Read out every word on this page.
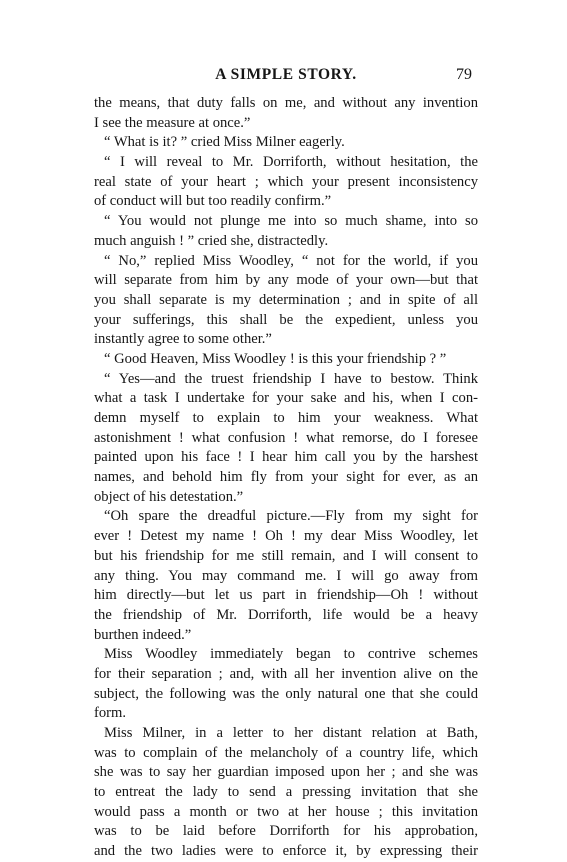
A SIMPLE STORY.	79
the means, that duty falls on me, and without any invention
I see the measure at once.”
“ What is it? ” cried Miss Milner eagerly.
“ I will reveal to Mr. Dorriforth, without hesitation, the
real state of your heart ; which your present inconsistency
of conduct will but too readily confirm.”
“ You would not plunge me into so much shame, into so
much anguish ! ” cried she, distractedly.
“ No,” replied Miss Woodley, “ not for the world, if you
will separate from him by any mode of your own—but that
you shall separate is my determination ; and in spite of all
your sufferings, this shall be the expedient, unless you
instantly agree to some other.”
“ Good Heaven, Miss Woodley ! is this your friendship ? ”
“ Yes—and the truest friendship I have to bestow. Think
what a task I undertake for your sake and his, when I con-
demn myself to explain to him your weakness. What
astonishment ! what confusion ! what remorse, do I foresee
painted upon his face ! I hear him call you by the harshest
names, and behold him fly from your sight for ever, as an
object of his detestation.”
“Oh spare the dreadful picture.—Fly from my sight for
ever ! Detest my name ! Oh ! my dear Miss Woodley, let
but his friendship for me still remain, and I will consent to
any thing. You may command me. I will go away from
him directly—but let us part in friendship—Oh ! without
the friendship of Mr. Dorriforth, life would be a heavy
burthen indeed.”
Miss Woodley immediately began to contrive schemes
for their separation ; and, with all her invention alive on the
subject, the following was the only natural one that she could
form.
Miss Milner, in a letter to her distant relation at Bath,
was to complain of the melancholy of a country life, which
she was to say her guardian imposed upon her ; and she was
to entreat the lady to send a pressing invitation that she
would pass a month or two at her house ; this invitation
was to be laid before Dorriforth for his approbation,
and the two ladies were to enforce it, by expressing their
